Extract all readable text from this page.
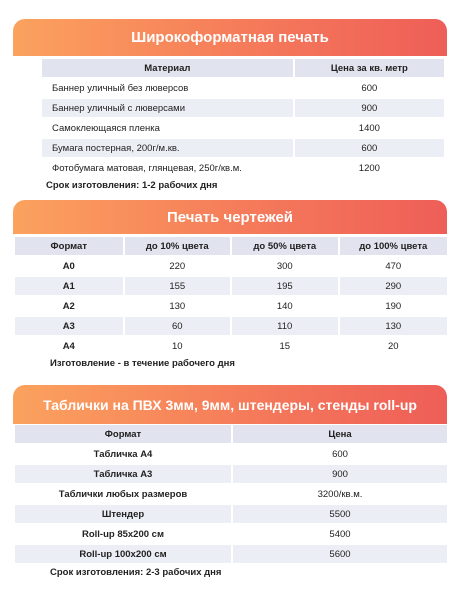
Широкоформатная печать
Материал	Цена за кв. метр
Баннер уличный без люверсов	600
Баннер уличный с люверсами	900
Самоклеющаяся пленка	1400
Бумага постерная, 200г/м.кв.	600
Фотобумага матовая, глянцевая, 250г/кв.м.	1200
Срок изготовления: 1-2 рабочих дня
Печать чертежей
Формат	до 10% цвета	до 50% цвета	до 100% цвета
А0	220	300	470
А1	155	195	290
А2	130	140	190
А3	60	110	130
А4	10	15	20
Изготовление - в течение рабочего дня
Таблички на ПВХ 3мм, 9мм, штендеры, стенды roll-up
Формат	Цена
Табличка А4	600
Табличка А3	900
Таблички любых размеров	3200/кв.м.
Штендер	5500
Roll-up 85х200 см	5400
Roll-up 100х200 см	5600
Срок изготовления: 2-3 рабочих дня
